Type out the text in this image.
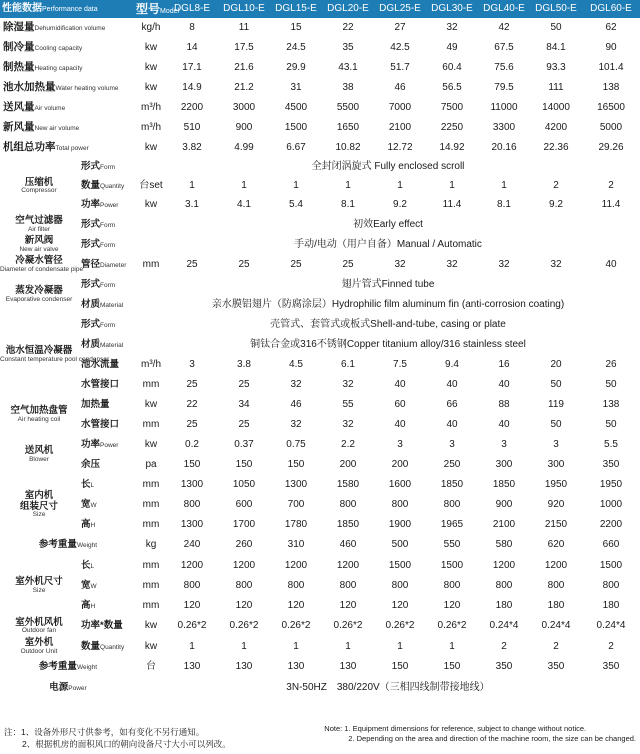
性能数据Performance data		型号Model	DGL8-E	DGL10-E	DGL15-E	DGL20-E	DGL25-E	DGL30-E	DGL40-E	DGL50-E	DGL60-E
除湿量Dehumidification volume		kg/h	8	11	15	22	27	32	42	50	62
制冷量Cooling capacity		kw	14	17.5	24.5	35	42.5	49	67.5	84.1	90
制热量Heating capacity		kw	17.1	21.6	29.9	43.1	51.7	60.4	75.6	93.3	101.4
池水加热量Water heating volume		kw	14.9	21.2	31	38	46	56.5	79.5	111	138
送风量Air volume		m³/h	2200	3000	4500	5500	7000	7500	11000	14000	16500
新风量New air volume		m³/h	510	900	1500	1650	2100	2250	3300	4200	5000
机组总功率Total power		kw	3.82	4.99	6.67	10.82	12.72	14.92	20.16	22.36	29.26
压缩机
Compressor	形式Form	全封闭涡旋式 Fully enclosed scroll									
	数量Quantity	台set	1	1	1	1	1	1	1	2	2
	功率Power	kw	3.1	4.1	5.4	8.1	9.2	11.4	8.1	9.2	11.4
空气过滤器
Air filter	形式Form	初效Early effect									
新风阀
New air valve	形式Form	手动/电动（用户自备）Manual / Automatic									
冷凝水管径
Diameter of condensate pipe	管径Diameter	mm	25	25	25	25	32	32	32	32	40
蒸发冷凝器
Evaporative condenser	形式Form	翅片管式Finned tube									
	材质Material	亲水膜铝翅片（防腐涂层）Hydrophilic film aluminum fin (anti-corrosion coating)									
池水恒温冷凝器
Constant temperature pool condenser	形式Form	壳管式、套管式或板式Shell-and-tube, casing or plate									
	材质Material	铜钛合金或316不锈钢Copper titanium alloy/316 stainless steel									
	池水流量	m³/h	3	3.8	4.5	6.1	7.5	9.4	16	20	26
	水管接口	mm	25	25	32	32	40	40	40	50	50
空气加热盘管
Air heating coil	加热量	kw	22	34	46	55	60	66	88	119	138
	水管接口	mm	25	25	32	32	40	40	40	50	50
送风机
Blower	功率Power	kw	0.2	0.37	0.75	2.2	3	3	3	3	5.5
	余压	pa	150	150	150	200	200	250	300	300	350
室内机
组装尺寸
Size	长L	mm	1300	1050	1300	1580	1600	1850	1850	1950	1950
	宽W	mm	800	600	700	800	800	800	900	920	1000
	高H	mm	1300	1700	1780	1850	1900	1965	2100	2150	2200
参考重量Weight		kg	240	260	310	460	500	550	580	620	660
室外机尺寸
Size	长L	mm	1200	1200	1200	1200	1500	1500	1200	1200	1500
	宽W	mm	800	800	800	800	800	800	800	800	800
	高H	mm	120	120	120	120	120	120	180	180	180
室外机风机
Outdoor fan	功率*数量	kw	0.26*2	0.26*2	0.26*2	0.26*2	0.26*2	0.26*2	0.24*4	0.24*4	0.24*4
室外机
Outdoor Unit	数量Quantity	kw	1	1	1	1	1	1	2	2	2
参考重量Weight		台	130	130	130	130	150	150	350	350	350
电源Power		3N-50HZ　380/220V（三相四线制带接地线）									
注：1、设备外形尺寸供参考，如有变化不另行通知。
2、根据机房的面积风口的朝向设备尺寸大小可以列改。
Note: 1. Equipment dimensions for reference, subject to change without notice.
2. Depending on the area and direction of the machine room, the size can be changed.
